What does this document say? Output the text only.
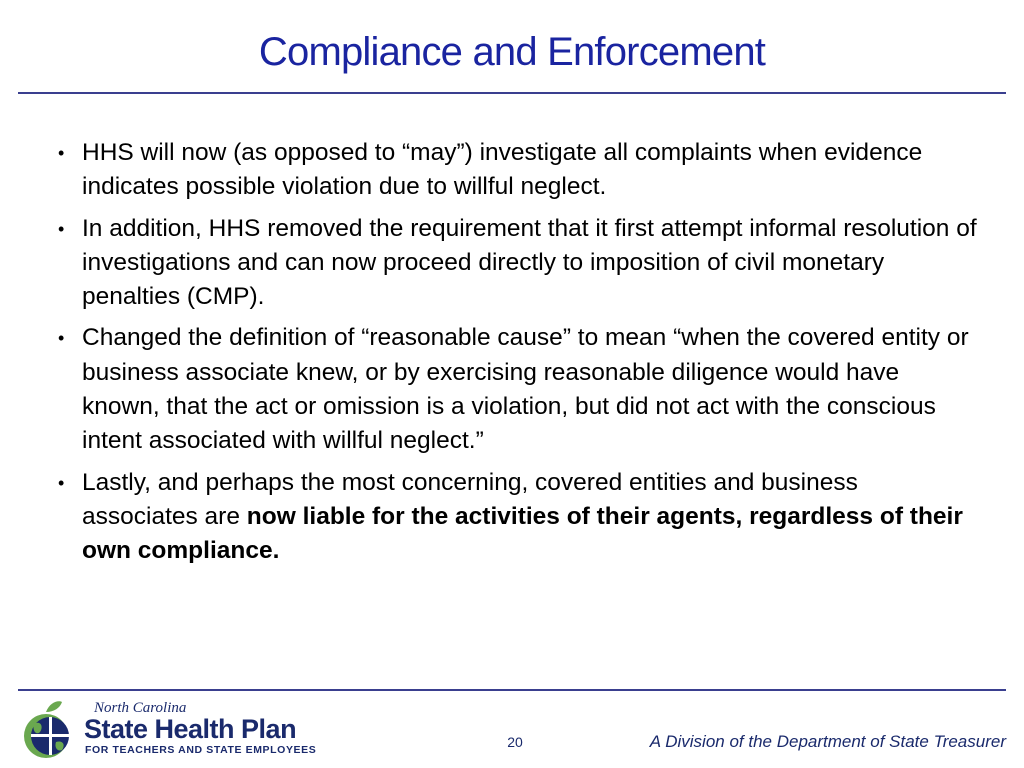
Compliance and Enforcement
• HHS will now (as opposed to “may”) investigate all complaints when evidence indicates possible violation due to willful neglect.
• In addition, HHS removed the requirement that it first attempt informal resolution of investigations and can now proceed directly to imposition of civil monetary penalties (CMP).
• Changed the definition of “reasonable cause” to mean “when the covered entity or business associate knew, or by exercising reasonable diligence would have known, that the act or omission is a violation, but did not act with the conscious intent associated with willful neglect.”
• Lastly, and perhaps the most concerning, covered entities and business associates are now liable for the activities of their agents, regardless of their own compliance.
North Carolina
State Health Plan
FOR TEACHERS AND STATE EMPLOYEES	20	A Division of the Department of State Treasurer
